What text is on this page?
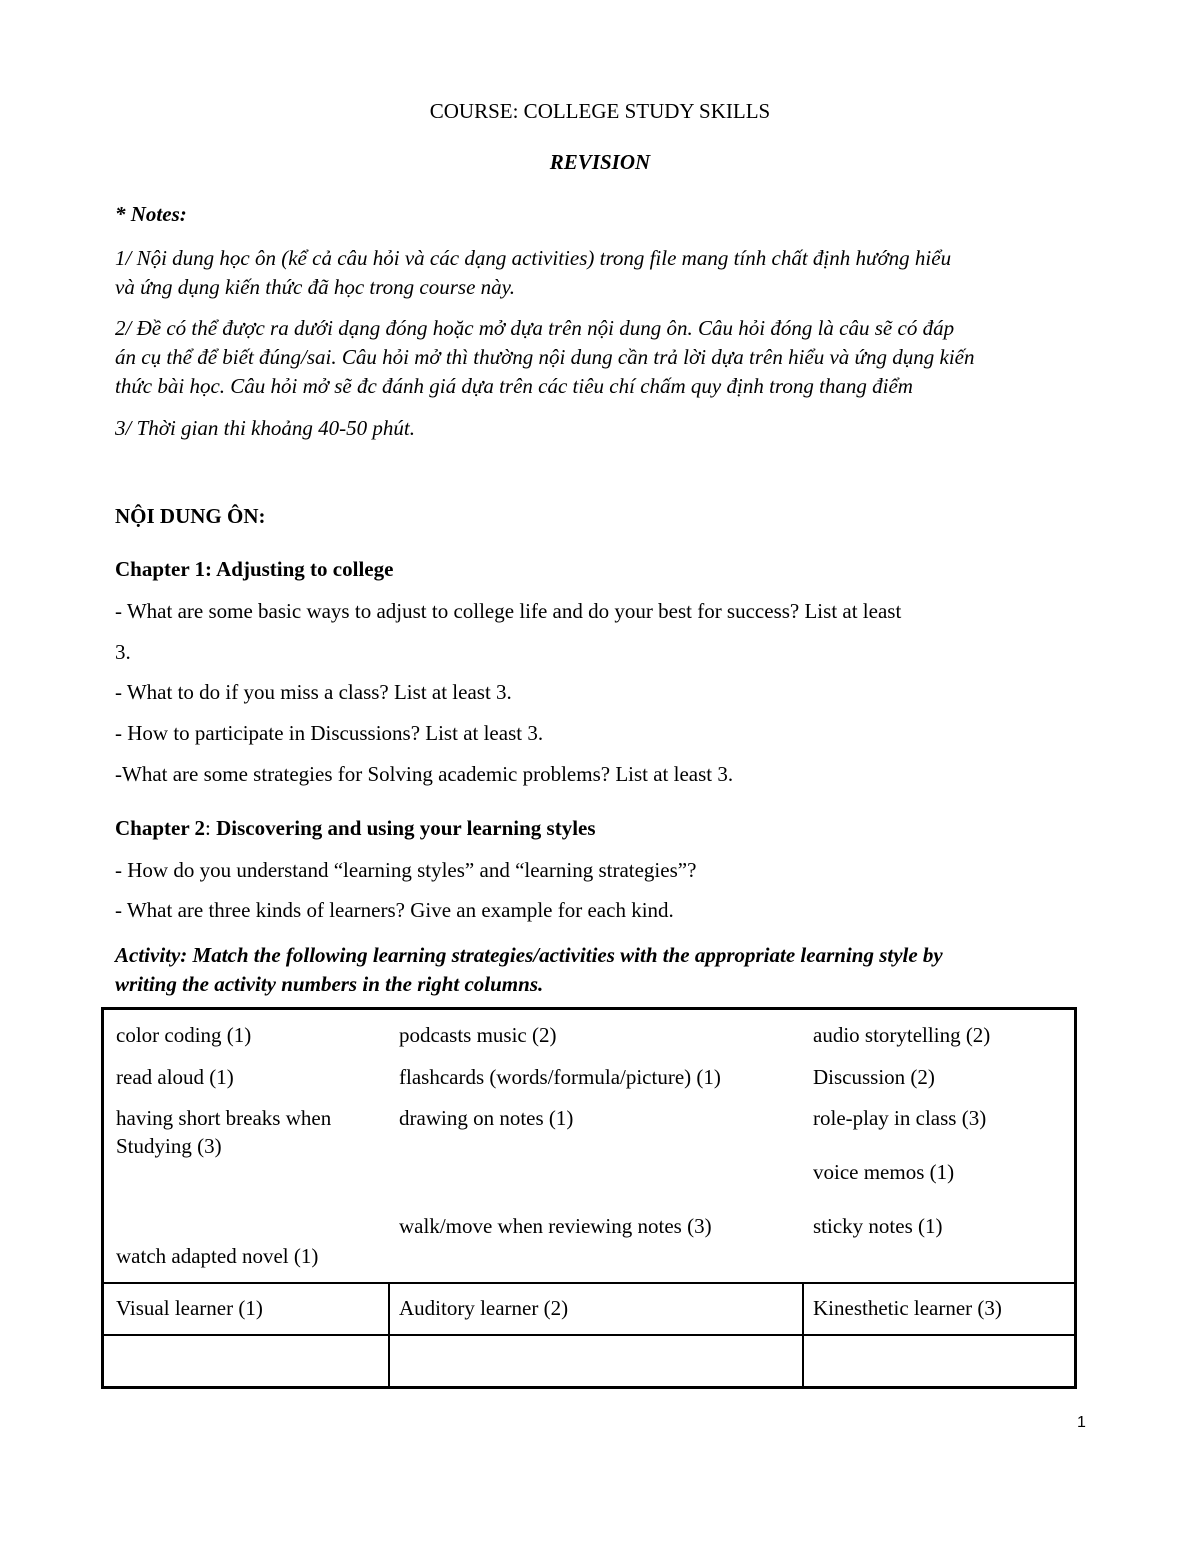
COURSE: COLLEGE STUDY SKILLS
REVISION
* Notes:
1/ Nội dung học ôn (kể cả câu hỏi và các dạng activities) trong file mang tính chất định hướng hiểu
và ứng dụng kiến thức đã học trong course này.
2/ Đề có thể được ra dưới dạng đóng hoặc mở dựa trên nội dung ôn. Câu hỏi đóng là câu sẽ có đáp
án cụ thể để biết đúng/sai. Câu hỏi mở thì thường nội dung cần trả lời dựa trên hiểu và ứng dụng kiến
thức bài học. Câu hỏi mở sẽ đc đánh giá dựa trên các tiêu chí chấm quy định trong thang điểm
3/ Thời gian thi khoảng 40-50 phút.
NỘI DUNG ÔN:
Chapter 1: Adjusting to college
- What are some basic ways to adjust to college life and do your best for success? List at least
3.
- What to do if you miss a class? List at least 3.
- How to participate in Discussions? List at least 3.
-What are some strategies for Solving academic problems? List at least 3.
Chapter 2: Discovering and using your learning styles
- How do you understand “learning styles” and “learning strategies”?
- What are three kinds of learners? Give an example for each kind.
Activity: Match the following learning strategies/activities with the appropriate learning style by
writing the activity numbers in the right columns.
color coding (1)
read aloud (1)
having short breaks when
Studying (3)
watch adapted novel (1)
podcasts music (2)
flashcards (words/formula/picture) (1)
drawing on notes (1)
walk/move when reviewing notes (3)
audio storytelling (2)
Discussion (2)
role-play in class (3)
voice memos (1)
sticky notes (1)
Visual learner (1)	Auditory learner (2)	Kinesthetic learner (3)
1
